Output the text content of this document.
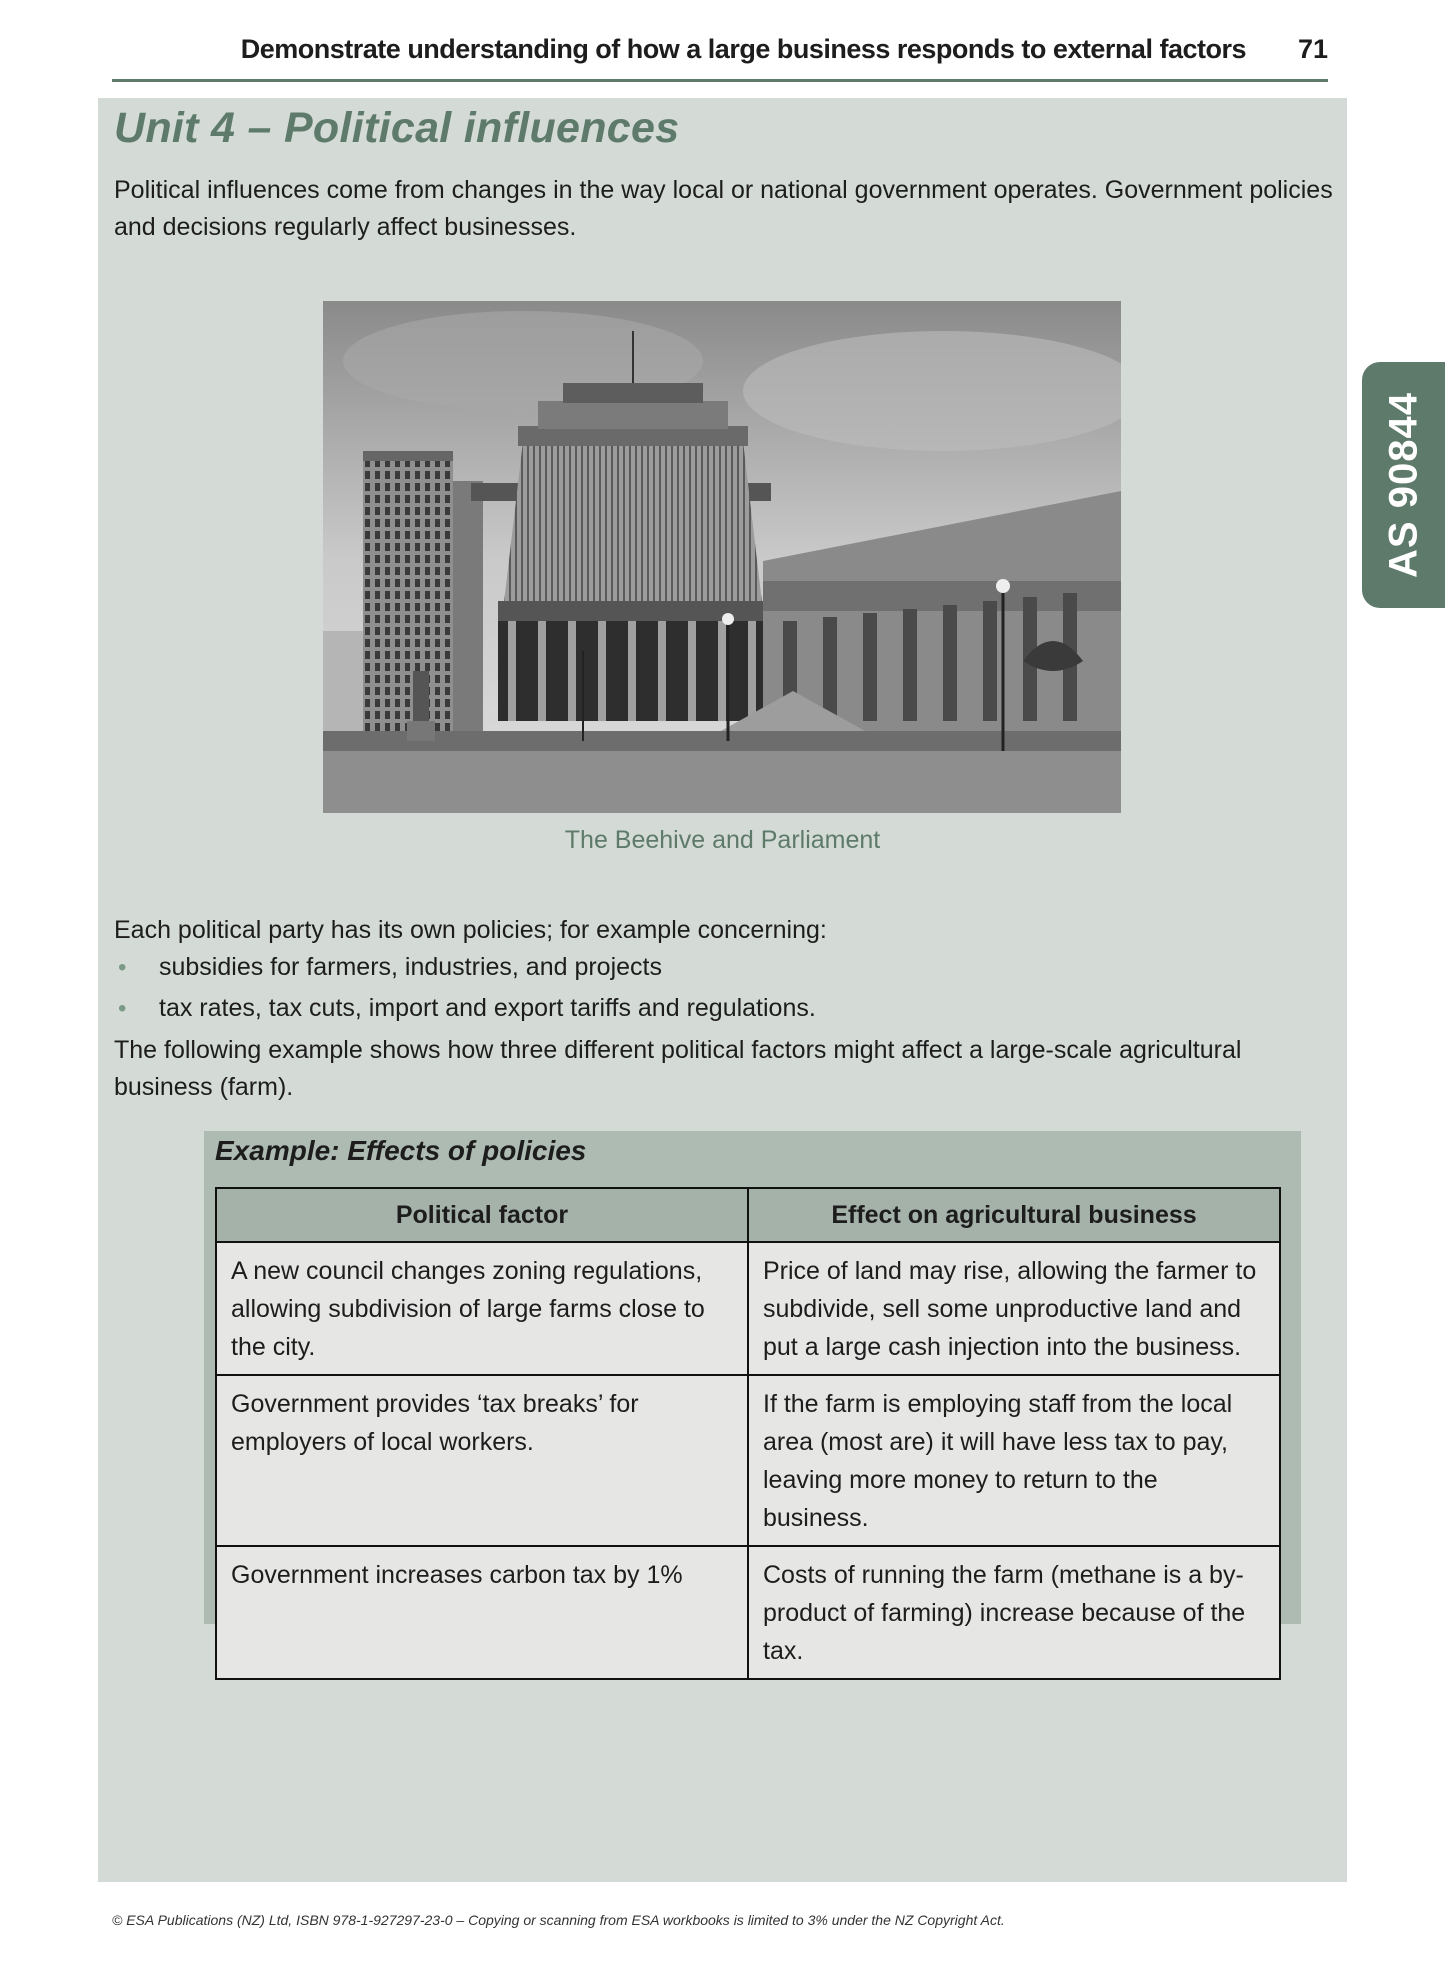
Demonstrate understanding of how a large business responds to external factors 71
AS 90844
Unit 4 – Political influences

Political influences come from changes in the way local or national government operates. Government policies and decisions regularly affect businesses.

The Beehive and Parliament

Each political party has its own policies; for example concerning:

• subsidies for farmers, industries, and projects
• tax rates, tax cuts, import and export tariffs and regulations.

The following example shows how three different political factors might affect a large-scale agricultural business (farm).

Example: Effects of policies
Political factor	Effect on agricultural business
A new council changes zoning regulations, allowing subdivision of large farms close to the city.	Price of land may rise, allowing the farmer to subdivide, sell some unproductive land and put a large cash injection into the business.
Government provides ‘tax breaks’ for employers of local workers.	If the farm is employing staff from the local area (most are) it will have less tax to pay, leaving more money to return to the business.
Government increases carbon tax by 1%	Costs of running the farm (methane is a by-product of farming) increase because of the tax.
© ESA Publications (NZ) Ltd, ISBN 978-1-927297-23-0 – Copying or scanning from ESA workbooks is limited to 3% under the NZ Copyright Act.
